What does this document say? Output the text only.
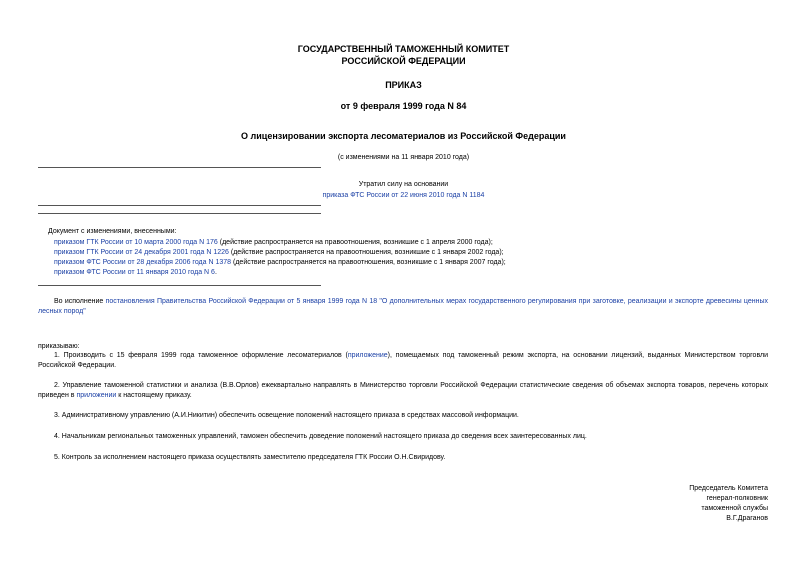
ГОСУДАРСТВЕННЫЙ ТАМОЖЕННЫЙ КОМИТЕТ
РОССИЙСКОЙ ФЕДЕРАЦИИ
ПРИКАЗ
от 9 февраля 1999 года N 84
О лицензировании экспорта лесоматериалов из Российской Федерации
(с изменениями на 11 января 2010 года)
Утратил силу на основании
приказа ФТС России от 22 июня 2010 года N 1184
Документ с изменениями, внесенными:
приказом ГТК России от 10 марта 2000 года N 176 (действие распространяется на правоотношения, возникшие с 1 апреля 2000 года);
приказом ГТК России от 24 декабря 2001 года N 1226 (действие распространяется на правоотношения, возникшие с 1 января 2002 года);
приказом ФТС России от 28 декабря 2006 года N 1378 (действие распространяется на правоотношения, возникшие с 1 января 2007 года);
приказом ФТС России от 11 января 2010 года N 6.
Во исполнение постановления Правительства Российской Федерации от 5 января 1999 года N 18 "О дополнительных мерах государственного регулирования при заготовке, реализации и экспорте древесины ценных лесных пород"
приказываю:
1. Производить с 15 февраля 1999 года таможенное оформление лесоматериалов (приложение), помещаемых под таможенный режим экспорта, на основании лицензий, выданных Министерством торговли Российской Федерации.
2. Управление таможенной статистики и анализа (В.В.Орлов) ежеквартально направлять в Министерство торговли Российской Федерации статистические сведения об объемах экспорта товаров, перечень которых приведен в приложении к настоящему приказу.
3. Административному управлению (А.И.Никитин) обеспечить освещение положений настоящего приказа в средствах массовой информации.
4. Начальникам региональных таможенных управлений, таможен обеспечить доведение положений настоящего приказа до сведения всех заинтересованных лиц.
5. Контроль за исполнением настоящего приказа осуществлять заместителю председателя ГТК России О.Н.Свиридову.
Председатель Комитета
генерал-полковник
таможенной службы
В.Г.Драганов
